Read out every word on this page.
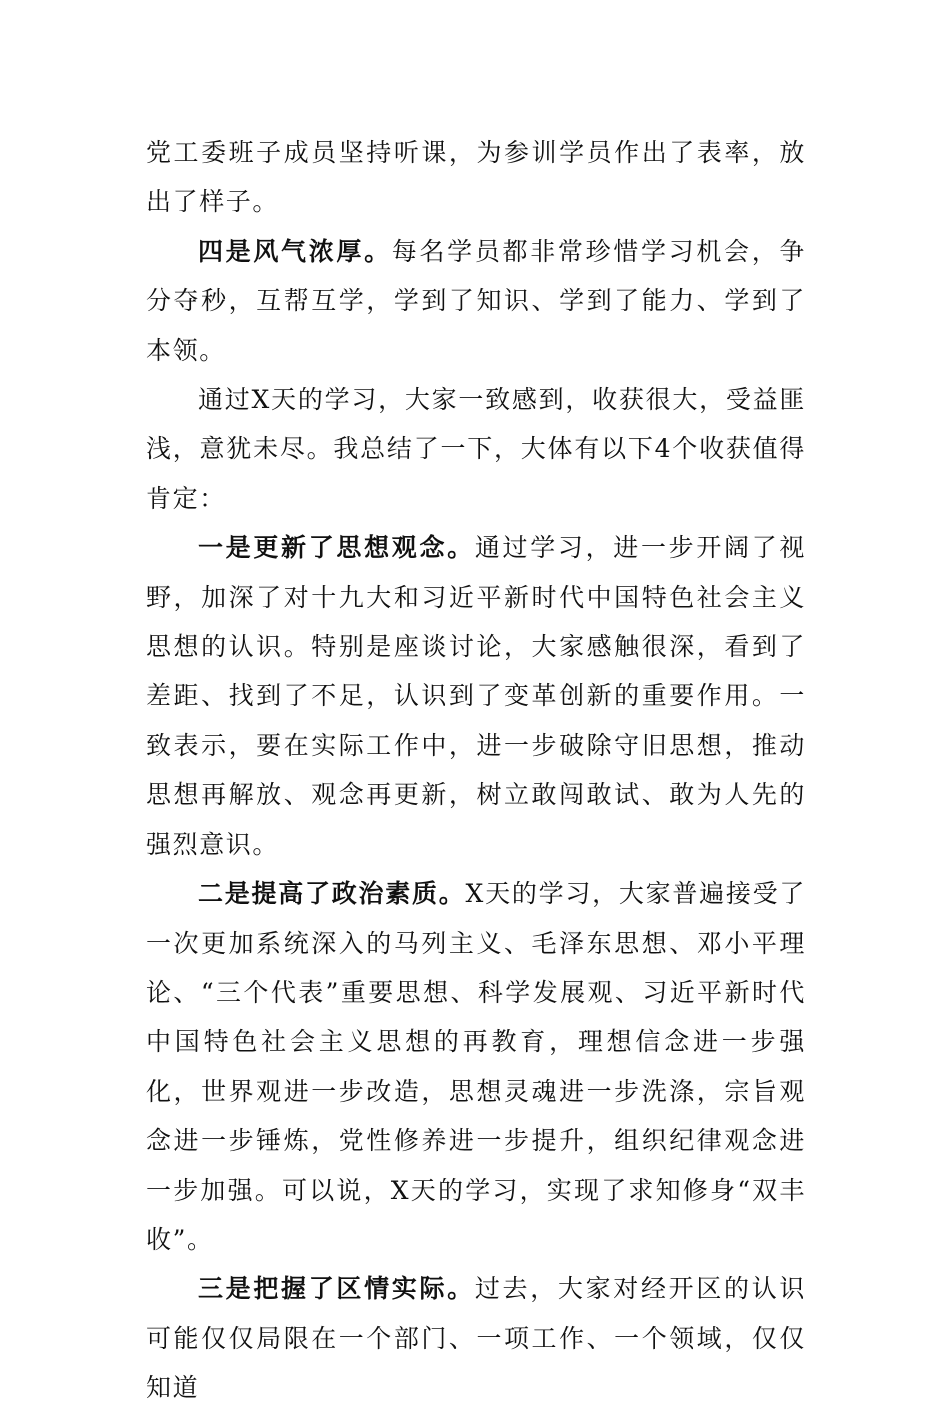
党工委班子成员坚持听课，为参训学员作出了表率，放出了样子。

四是风气浓厚。每名学员都非常珍惜学习机会，争分夺秒，互帮互学，学到了知识、学到了能力、学到了本领。

通过X天的学习，大家一致感到，收获很大，受益匪浅，意犹未尽。我总结了一下，大体有以下4个收获值得肯定：

一是更新了思想观念。通过学习，进一步开阔了视野，加深了对十九大和习近平新时代中国特色社会主义思想的认识。特别是座谈讨论，大家感触很深，看到了差距、找到了不足，认识到了变革创新的重要作用。一致表示，要在实际工作中，进一步破除守旧思想，推动思想再解放、观念再更新，树立敢闯敢试、敢为人先的强烈意识。

二是提高了政治素质。X天的学习，大家普遍接受了一次更加系统深入的马列主义、毛泽东思想、邓小平理论、“三个代表”重要思想、科学发展观、习近平新时代中国特色社会主义思想的再教育，理想信念进一步强化，世界观进一步改造，思想灵魂进一步洗涤，宗旨观念进一步锤炼，党性修养进一步提升，组织纪律观念进一步加强。可以说，X天的学习，实现了求知修身“双丰收”。

三是把握了区情实际。过去，大家对经开区的认识可能仅仅局限在一个部门、一项工作、一个领域，仅仅知道
